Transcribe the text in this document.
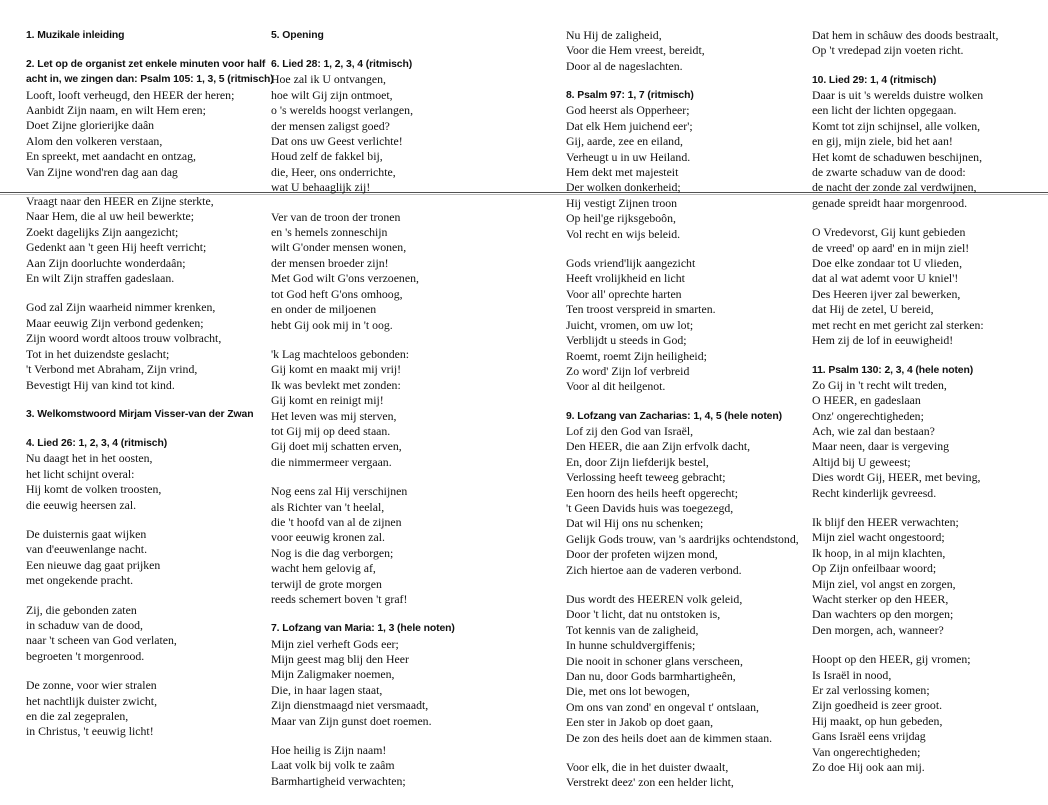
1. Muzikale inleiding
2. Let op de organist zet enkele minuten voor half
acht in, we zingen dan: Psalm 105: 1, 3, 5 (ritmisch)
Looft, looft verheugd, den HEER der heren;
Aanbidt Zijn naam, en wilt Hem eren;
Doet Zijne glorierijke daân
Alom den volkeren verstaan,
En spreekt, met aandacht en ontzag,
Van Zijne wond'ren dag aan dag
Vraagt naar den HEER en Zijne sterkte,
Naar Hem, die al uw heil bewerkte;
Zoekt dagelijks Zijn aangezicht;
Gedenkt aan 't geen Hij heeft verricht;
Aan Zijn doorluchte wonderdaân;
En wilt Zijn straffen gadeslaan.
God zal Zijn waarheid nimmer krenken,
Maar eeuwig Zijn verbond gedenken;
Zijn woord wordt altoos trouw volbracht,
Tot in het duizendste geslacht;
't Verbond met Abraham, Zijn vrind,
Bevestigt Hij van kind tot kind.
3. Welkomstwoord Mirjam Visser-van der Zwan
4. Lied 26: 1, 2, 3, 4 (ritmisch)
Nu daagt het in het oosten,
het licht schijnt overal:
Hij komt de volken troosten,
die eeuwig heersen zal.
De duisternis gaat wijken
van d'eeuwenlange nacht.
Een nieuwe dag gaat prijken
met ongekende pracht.
Zij, die gebonden zaten
in schaduw van de dood,
naar 't scheen van God verlaten,
begroeten 't morgenrood.
De zonne, voor wier stralen
het nachtlijk duister zwicht,
en die zal zegepralen,
in Christus, 't eeuwig licht!
5. Opening
6. Lied 28: 1, 2, 3, 4 (ritmisch)
Hoe zal ik U ontvangen,
hoe wilt Gij zijn ontmoet,
o 's werelds hoogst verlangen,
der mensen zaligst goed?
Dat ons uw Geest verlichte!
Houd zelf de fakkel bij,
die, Heer, ons onderrichte,
wat U behaaglijk zij!
Ver van de troon der tronen
en 's hemels zonneschijn
wilt G'onder mensen wonen,
der mensen broeder zijn!
Met God wilt G'ons verzoenen,
tot God heft G'ons omhoog,
en onder de miljoenen
hebt Gij ook mij in 't oog.
'k Lag machteloos gebonden:
Gij komt en maakt mij vrij!
Ik was bevlekt met zonden:
Gij komt en reinigt mij!
Het leven was mij sterven,
tot Gij mij op deed staan.
Gij doet mij schatten erven,
die nimmermeer vergaan.
Nog eens zal Hij verschijnen
als Richter van 't heelal,
die 't hoofd van al de zijnen
voor eeuwig kronen zal.
Nog is die dag verborgen;
wacht hem gelovig af,
terwijl de grote morgen
reeds schemert boven 't graf!
7. Lofzang van Maria: 1, 3 (hele noten)
Mijn ziel verheft Gods eer;
Mijn geest mag blij den Heer
Mijn Zaligmaker noemen,
Die, in haar lagen staat,
Zijn dienstmaagd niet versmaadt,
Maar van Zijn gunst doet roemen.
Hoe heilig is Zijn naam!
Laat volk bij volk te zaâm
Barmhartigheid verwachten;
Nu Hij de zaligheid,
Voor die Hem vreest, bereidt,
Door al de nageslachten.
8. Psalm 97: 1, 7 (ritmisch)
God heerst als Opperheer;
Dat elk Hem juichend eer';
Gij, aarde, zee en eiland,
Verheugt u in uw Heiland.
Hem dekt met majesteit
Der wolken donkerheid;
Hij vestigt Zijnen troon
Op heil'ge rijksgeboôn,
Vol recht en wijs beleid.
Gods vriend'lijk aangezicht
Heeft vrolijkheid en licht
Voor all' oprechte harten
Ten troost verspreid in smarten.
Juicht, vromen, om uw lot;
Verblijdt u steeds in God;
Roemt, roemt Zijn heiligheid;
Zo word' Zijn lof verbreid
Voor al dit heilgenot.
9. Lofzang van Zacharias: 1, 4, 5 (hele noten)
Lof zij den God van Israël,
Den HEER, die aan Zijn erfvolk dacht,
En, door Zijn liefderijk bestel,
Verlossing heeft teweeg gebracht;
Een hoorn des heils heeft opgerecht;
't Geen Davids huis was toegezegd,
Dat wil Hij ons nu schenken;
Gelijk Gods trouw, van 's aardrijks ochtendstond,
Door der profeten wijzen mond,
Zich hiertoe aan de vaderen verbond.
Dus wordt des HEEREN volk geleid,
Door 't licht, dat nu ontstoken is,
Tot kennis van de zaligheid,
In hunne schuldvergiffenis;
Die nooit in schoner glans verscheen,
Dan nu, door Gods barmhartigheên,
Die, met ons lot bewogen,
Om ons van zond' en ongeval t' ontslaan,
Een ster in Jakob op doet gaan,
De zon des heils doet aan de kimmen staan.
Voor elk, die in het duister dwaalt,
Verstrekt deez' zon een helder licht,
Dat hem in schâuw des doods bestraalt,
Op 't vredepad zijn voeten richt.
10. Lied 29: 1, 4 (ritmisch)
Daar is uit 's werelds duistre wolken
een licht der lichten opgegaan.
Komt tot zijn schijnsel, alle volken,
en gij, mijn ziele, bid het aan!
Het komt de schaduwen beschijnen,
de zwarte schaduw van de dood:
de nacht der zonde zal verdwijnen,
genade spreidt haar morgenrood.
O Vredevorst, Gij kunt gebieden
de vreed' op aard' en in mijn ziel!
Doe elke zondaar tot U vlieden,
dat al wat ademt voor U kniel'!
Des Heeren ijver zal bewerken,
dat Hij de zetel, U bereid,
met recht en met gericht zal sterken:
Hem zij de lof in eeuwigheid!
11. Psalm 130: 2, 3, 4 (hele noten)
Zo Gij in 't recht wilt treden,
O HEER, en gadeslaan
Onz' ongerechtigheden;
Ach, wie zal dan bestaan?
Maar neen, daar is vergeving
Altijd bij U geweest;
Dies wordt Gij, HEER, met beving,
Recht kinderlijk gevreesd.
Ik blijf den HEER verwachten;
Mijn ziel wacht ongestoord;
Ik hoop, in al mijn klachten,
Op Zijn onfeilbaar woord;
Mijn ziel, vol angst en zorgen,
Wacht sterker op den HEER,
Dan wachters op den morgen;
Den morgen, ach, wanneer?
Hoopt op den HEER, gij vromen;
Is Israël in nood,
Er zal verlossing komen;
Zijn goedheid is zeer groot.
Hij maakt, op hun gebeden,
Gans Israël eens vrijdag
Van ongerechtigheden;
Zo doe Hij ook aan mij.
